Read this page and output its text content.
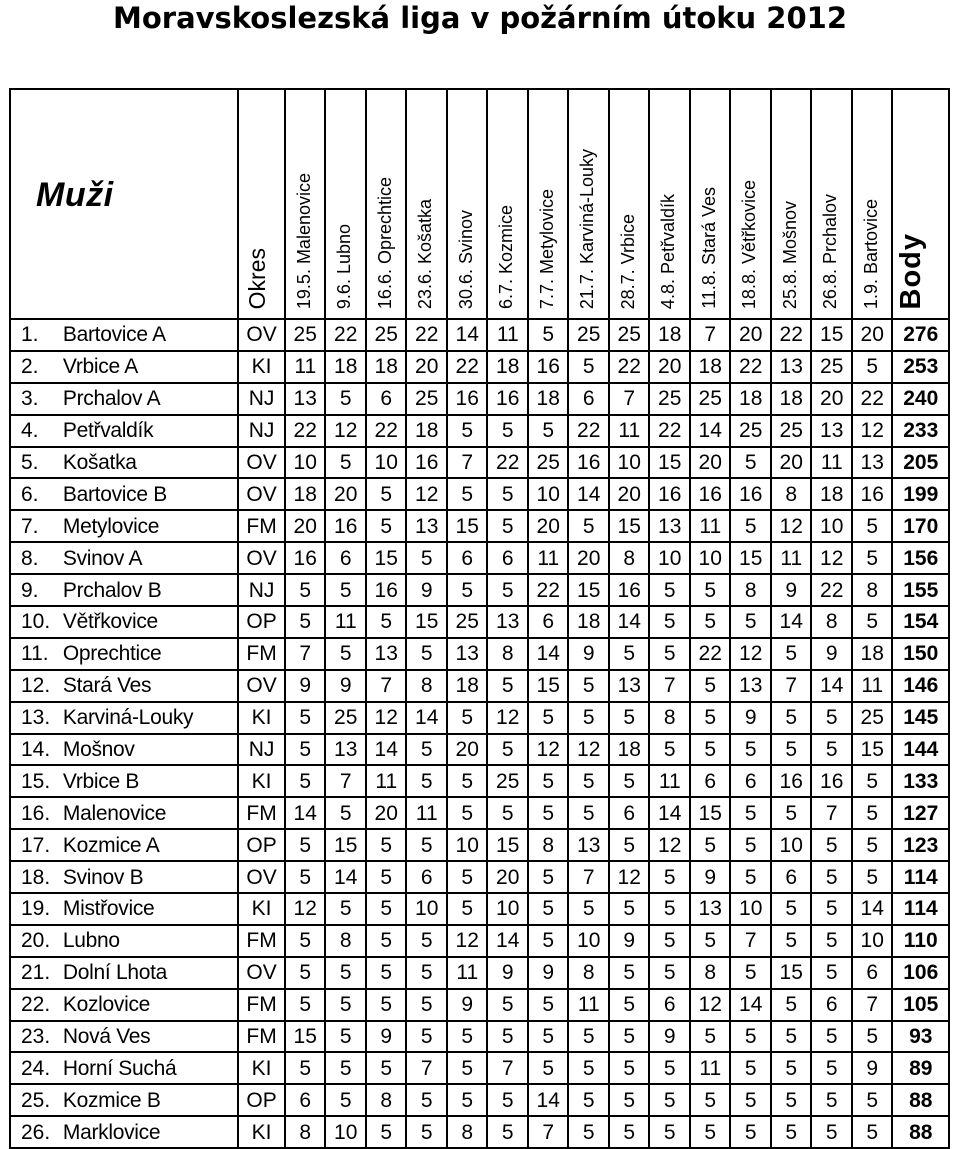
Moravskoslezská liga v požárním útoku 2012
Muži		Okres	19.5. Malenovice	9.6. Lubno	16.6. Oprechtice	23.6. Košatka	30.6. Svinov	6.7. Kozmice	7.7. Metylovice	21.7. Karviná-Louky	28.7. Vrbice	4.8. Petřvaldík	11.8. Stará Ves	18.8. Větřkovice	25.8. Mošnov	26.8. Prchalov	1.9. Bartovice	Body
1.	Bartovice A	OV	25	22	25	22	14	11	5	25	25	18	7	20	22	15	20	276
2.	Vrbice A	KI	11	18	18	20	22	18	16	5	22	20	18	22	13	25	5	253
3.	Prchalov A	NJ	13	5	6	25	16	16	18	6	7	25	25	18	18	20	22	240
4.	Petřvaldík	NJ	22	12	22	18	5	5	5	22	11	22	14	25	25	13	12	233
5.	Košatka	OV	10	5	10	16	7	22	25	16	10	15	20	5	20	11	13	205
6.	Bartovice B	OV	18	20	5	12	5	5	10	14	20	16	16	16	8	18	16	199
7.	Metylovice	FM	20	16	5	13	15	5	20	5	15	13	11	5	12	10	5	170
8.	Svinov A	OV	16	6	15	5	6	6	11	20	8	10	10	15	11	12	5	156
9.	Prchalov B	NJ	5	5	16	9	5	5	22	15	16	5	5	8	9	22	8	155
10.	Větřkovice	OP	5	11	5	15	25	13	6	18	14	5	5	5	14	8	5	154
11.	Oprechtice	FM	7	5	13	5	13	8	14	9	5	5	22	12	5	9	18	150
12.	Stará Ves	OV	9	9	7	8	18	5	15	5	13	7	5	13	7	14	11	146
13.	Karviná-Louky	KI	5	25	12	14	5	12	5	5	5	8	5	9	5	5	25	145
14.	Mošnov	NJ	5	13	14	5	20	5	12	12	18	5	5	5	5	5	15	144
15.	Vrbice B	KI	5	7	11	5	5	25	5	5	5	11	6	6	16	16	5	133
16.	Malenovice	FM	14	5	20	11	5	5	5	5	6	14	15	5	5	7	5	127
17.	Kozmice A	OP	5	15	5	5	10	15	8	13	5	12	5	5	10	5	5	123
18.	Svinov B	OV	5	14	5	6	5	20	5	7	12	5	9	5	6	5	5	114
19.	Mistřovice	KI	12	5	5	10	5	10	5	5	5	5	13	10	5	5	14	114
20.	Lubno	FM	5	8	5	5	12	14	5	10	9	5	5	7	5	5	10	110
21.	Dolní Lhota	OV	5	5	5	5	11	9	9	8	5	5	8	5	15	5	6	106
22.	Kozlovice	FM	5	5	5	5	9	5	5	11	5	6	12	14	5	6	7	105
23.	Nová Ves	FM	15	5	9	5	5	5	5	5	5	9	5	5	5	5	5	93
24.	Horní Suchá	KI	5	5	5	7	5	7	5	5	5	5	11	5	5	5	9	89
25.	Kozmice B	OP	6	5	8	5	5	5	14	5	5	5	5	5	5	5	5	88
26.	Marklovice	KI	8	10	5	5	8	5	7	5	5	5	5	5	5	5	5	88
